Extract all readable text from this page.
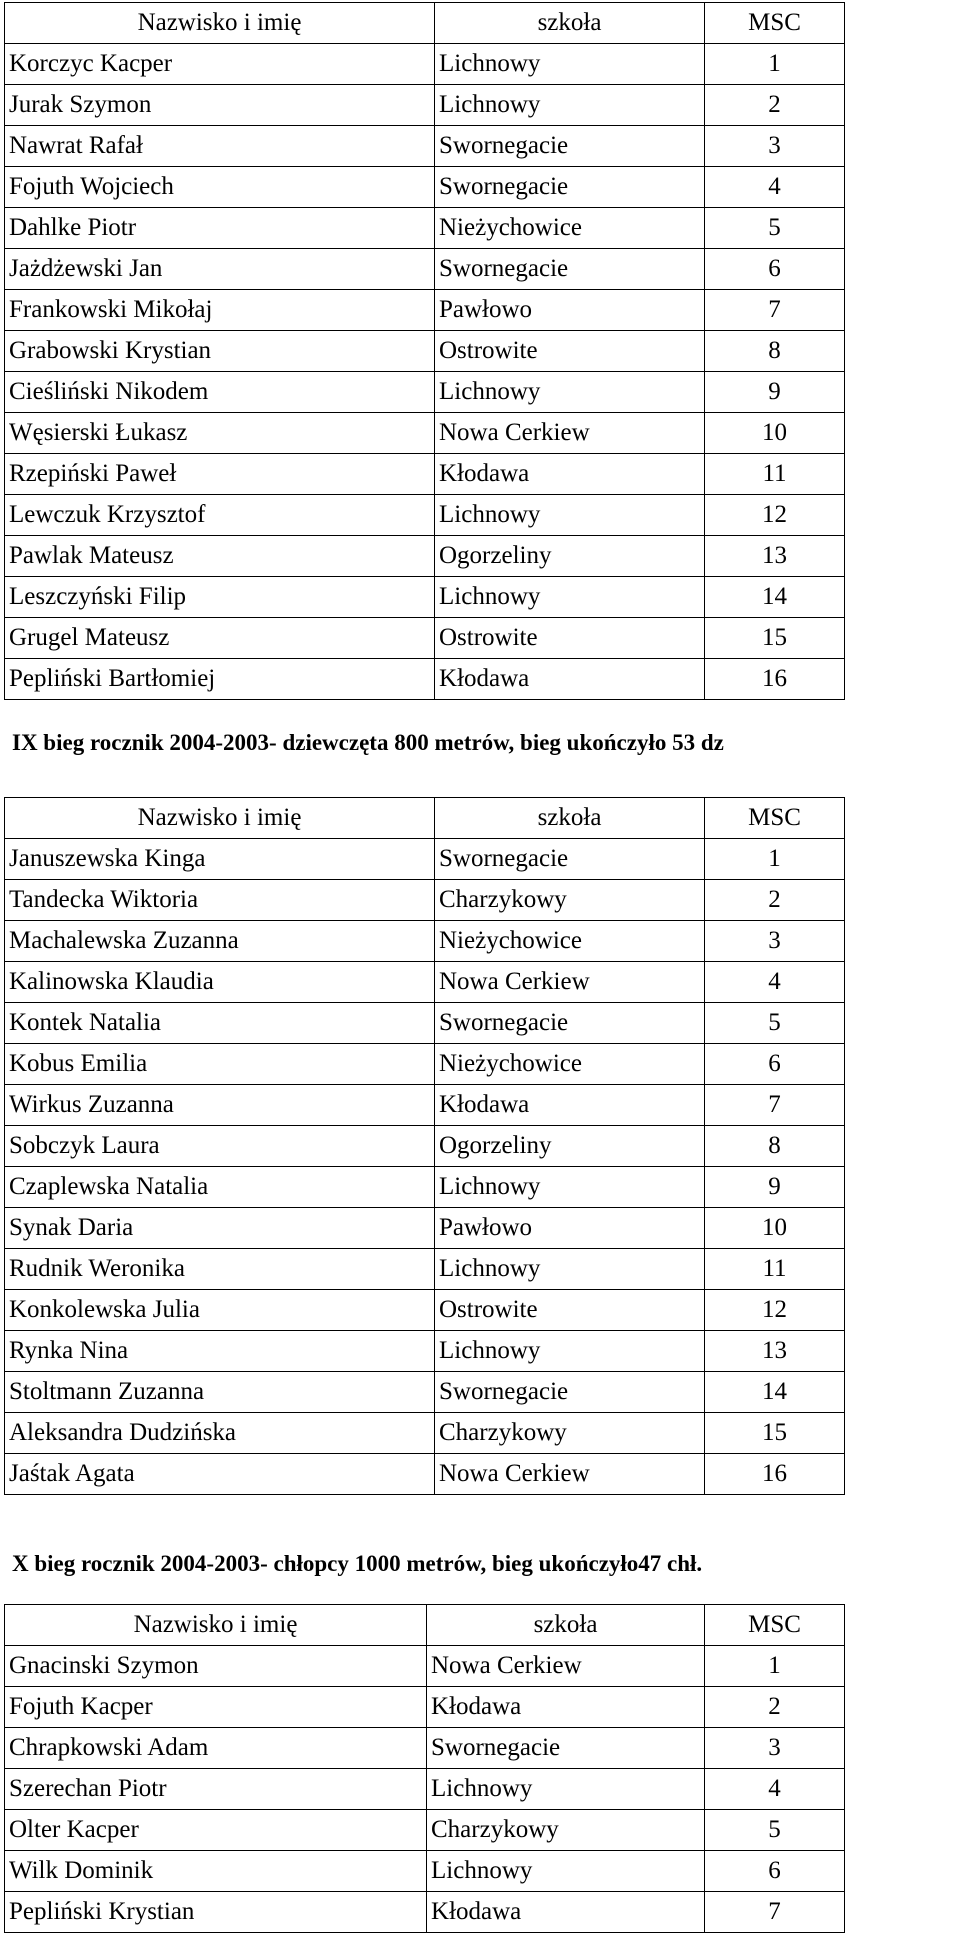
Nazwisko i imię	szkoła	MSC
Korczyc Kacper	Lichnowy	1
Jurak Szymon	Lichnowy	2
Nawrat Rafał	Swornegacie	3
Fojuth Wojciech	Swornegacie	4
Dahlke Piotr	Nieżychowice	5
Jażdżewski Jan	Swornegacie	6
Frankowski Mikołaj	Pawłowo	7
Grabowski Krystian	Ostrowite	8
Cieśliński Nikodem	Lichnowy	9
Węsierski Łukasz	Nowa Cerkiew	10
Rzepiński Paweł	Kłodawa	11
Lewczuk Krzysztof	Lichnowy	12
Pawlak Mateusz	Ogorzeliny	13
Leszczyński Filip	Lichnowy	14
Grugel Mateusz	Ostrowite	15
Pepliński Bartłomiej	Kłodawa	16
IX bieg rocznik 2004-2003- dziewczęta 800 metrów, bieg ukończyło 53 dz
Nazwisko i imię	szkoła	MSC
Januszewska Kinga	Swornegacie	1
Tandecka Wiktoria	Charzykowy	2
Machalewska Zuzanna	Nieżychowice	3
Kalinowska Klaudia	Nowa Cerkiew	4
Kontek Natalia	Swornegacie	5
Kobus Emilia	Nieżychowice	6
Wirkus Zuzanna	Kłodawa	7
Sobczyk Laura	Ogorzeliny	8
Czaplewska Natalia	Lichnowy	9
Synak Daria	Pawłowo	10
Rudnik Weronika	Lichnowy	11
Konkolewska Julia	Ostrowite	12
Rynka Nina	Lichnowy	13
Stoltmann Zuzanna	Swornegacie	14
Aleksandra Dudzińska	Charzykowy	15
Jaśtak Agata	Nowa Cerkiew	16
X bieg rocznik 2004-2003- chłopcy 1000 metrów, bieg ukończyło47 chł.
Nazwisko i imię	szkoła	MSC
Gnacinski Szymon	Nowa Cerkiew	1
Fojuth Kacper	Kłodawa	2
Chrapkowski Adam	Swornegacie	3
Szerechan Piotr	Lichnowy	4
Olter Kacper	Charzykowy	5
Wilk Dominik	Lichnowy	6
Pepliński Krystian	Kłodawa	7
